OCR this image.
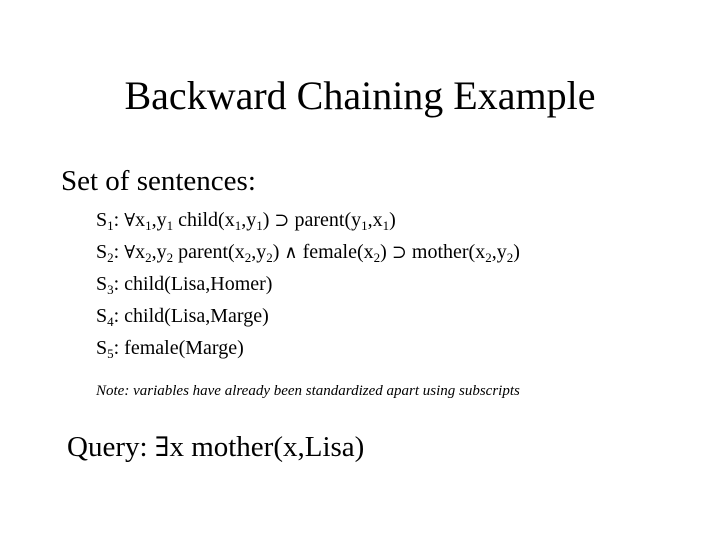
Backward Chaining Example
Set of sentences:
$S_1$: $\forall x_1,y_1$ $child(x_1,y_1)$ ⊃ $parent(y_1,x_1)$
$S_2$: $\forall x_2,y_2$ $parent(x_2,y_2)$ ∧ $female(x_2)$ ⊃ $mother(x_2,y_2)$
$S_3$: child(Lisa,Homer)
$S_4$: child(Lisa,Marge)
$S_5$: female(Marge)
Note: variables have already been standardized apart using subscripts
Query: ∃x mother(x,Lisa)
